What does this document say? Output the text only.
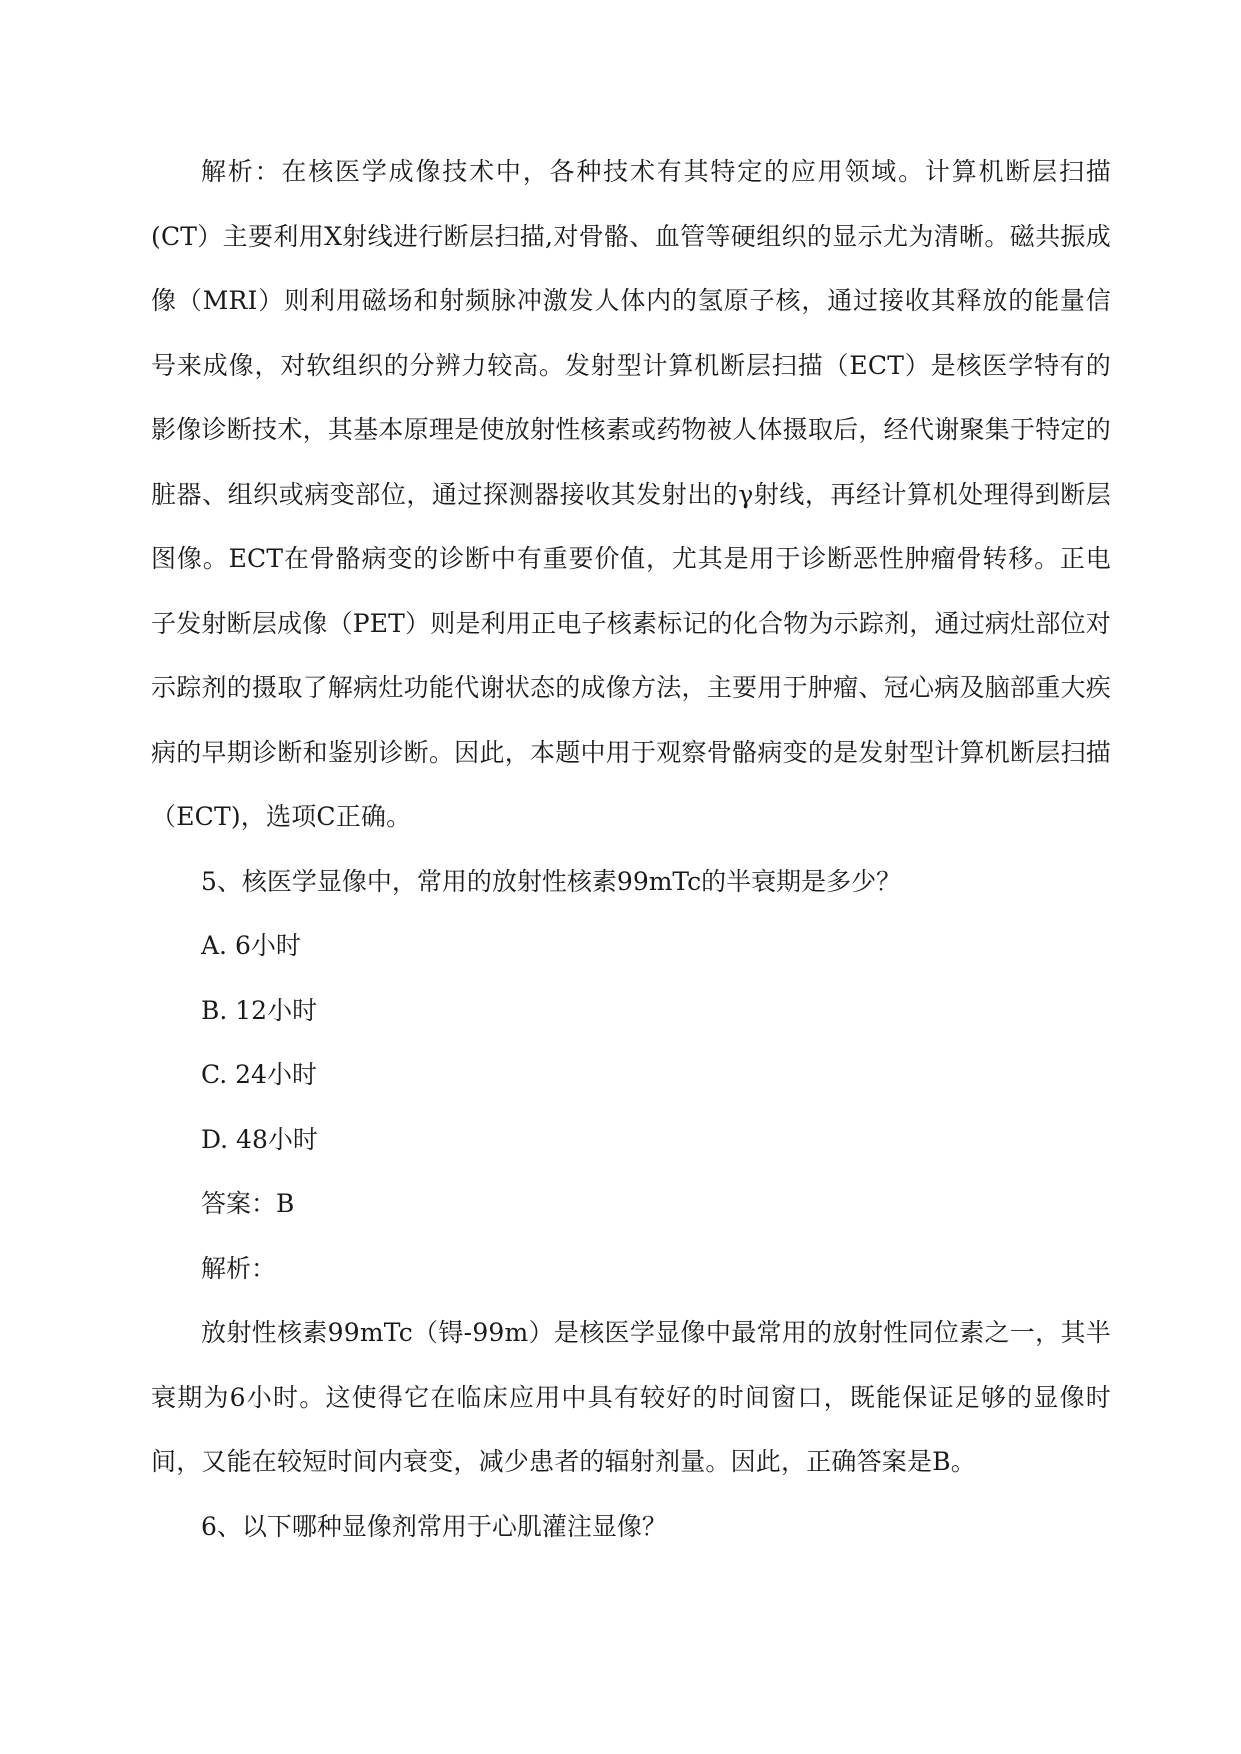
解析：在核医学成像技术中，各种技术有其特定的应用领域。计算机断层扫描(CT）主要利用X射线进行断层扫描,对骨骼、血管等硬组织的显示尤为清晰。磁共振成像（MRI）则利用磁场和射频脉冲激发人体内的氢原子核，通过接收其释放的能量信号来成像，对软组织的分辨力较高。发射型计算机断层扫描（ECT）是核医学特有的影像诊断技术，其基本原理是使放射性核素或药物被人体摄取后，经代谢聚集于特定的脏器、组织或病变部位，通过探测器接收其发射出的γ射线，再经计算机处理得到断层图像。ECT在骨骼病变的诊断中有重要价值，尤其是用于诊断恶性肿瘤骨转移。正电子发射断层成像（PET）则是利用正电子核素标记的化合物为示踪剂，通过病灶部位对示踪剂的摄取了解病灶功能代谢状态的成像方法，主要用于肿瘤、冠心病及脑部重大疾病的早期诊断和鉴别诊断。因此，本题中用于观察骨骼病变的是发射型计算机断层扫描（ECT)，选项C正确。

5、核医学显像中，常用的放射性核素99mTc的半衰期是多少？

A. 6小时

B. 12小时

C. 24小时

D. 48小时

答案：B

解析：

放射性核素99mTc（锝-99m）是核医学显像中最常用的放射性同位素之一，其半衰期为6小时。这使得它在临床应用中具有较好的时间窗口，既能保证足够的显像时间，又能在较短时间内衰变，减少患者的辐射剂量。因此，正确答案是B。

6、以下哪种显像剂常用于心肌灌注显像？
